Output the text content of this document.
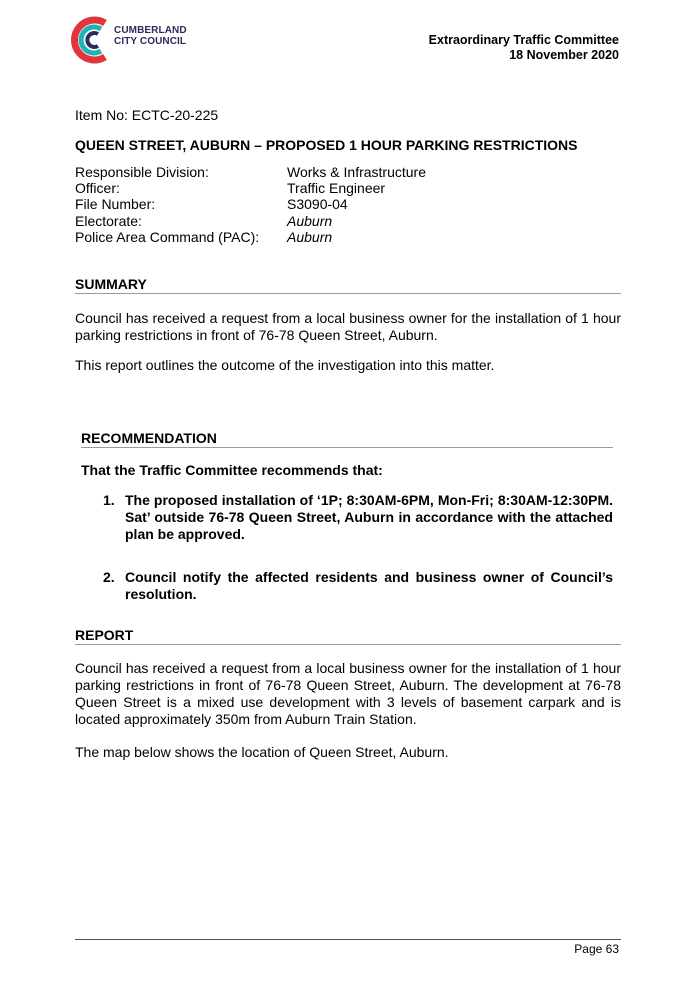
CUMBERLAND
CITY COUNCIL	Extraordinary Traffic Committee
18 November 2020
Item No: ECTC-20-225
QUEEN STREET, AUBURN – PROPOSED 1 HOUR PARKING RESTRICTIONS
Responsible Division:	Works & Infrastructure
Officer:	Traffic Engineer
File Number:	S3090-04
Electorate:	Auburn
Police Area Command (PAC):	Auburn
SUMMARY
Council has received a request from a local business owner for the installation of 1 hour parking restrictions in front of 76-78 Queen Street, Auburn.
This report outlines the outcome of the investigation into this matter.
RECOMMENDATION
That the Traffic Committee recommends that:
1. The proposed installation of ‘1P; 8:30AM-6PM, Mon-Fri; 8:30AM-12:30PM. Sat’ outside 76-78 Queen Street, Auburn in accordance with the attached plan be approved.
2. Council notify the affected residents and business owner of Council’s resolution.
REPORT
Council has received a request from a local business owner for the installation of 1 hour parking restrictions in front of 76-78 Queen Street, Auburn. The development at 76-78 Queen Street is a mixed use development with 3 levels of basement carpark and is located approximately 350m from Auburn Train Station.
The map below shows the location of Queen Street, Auburn.
Page 63
